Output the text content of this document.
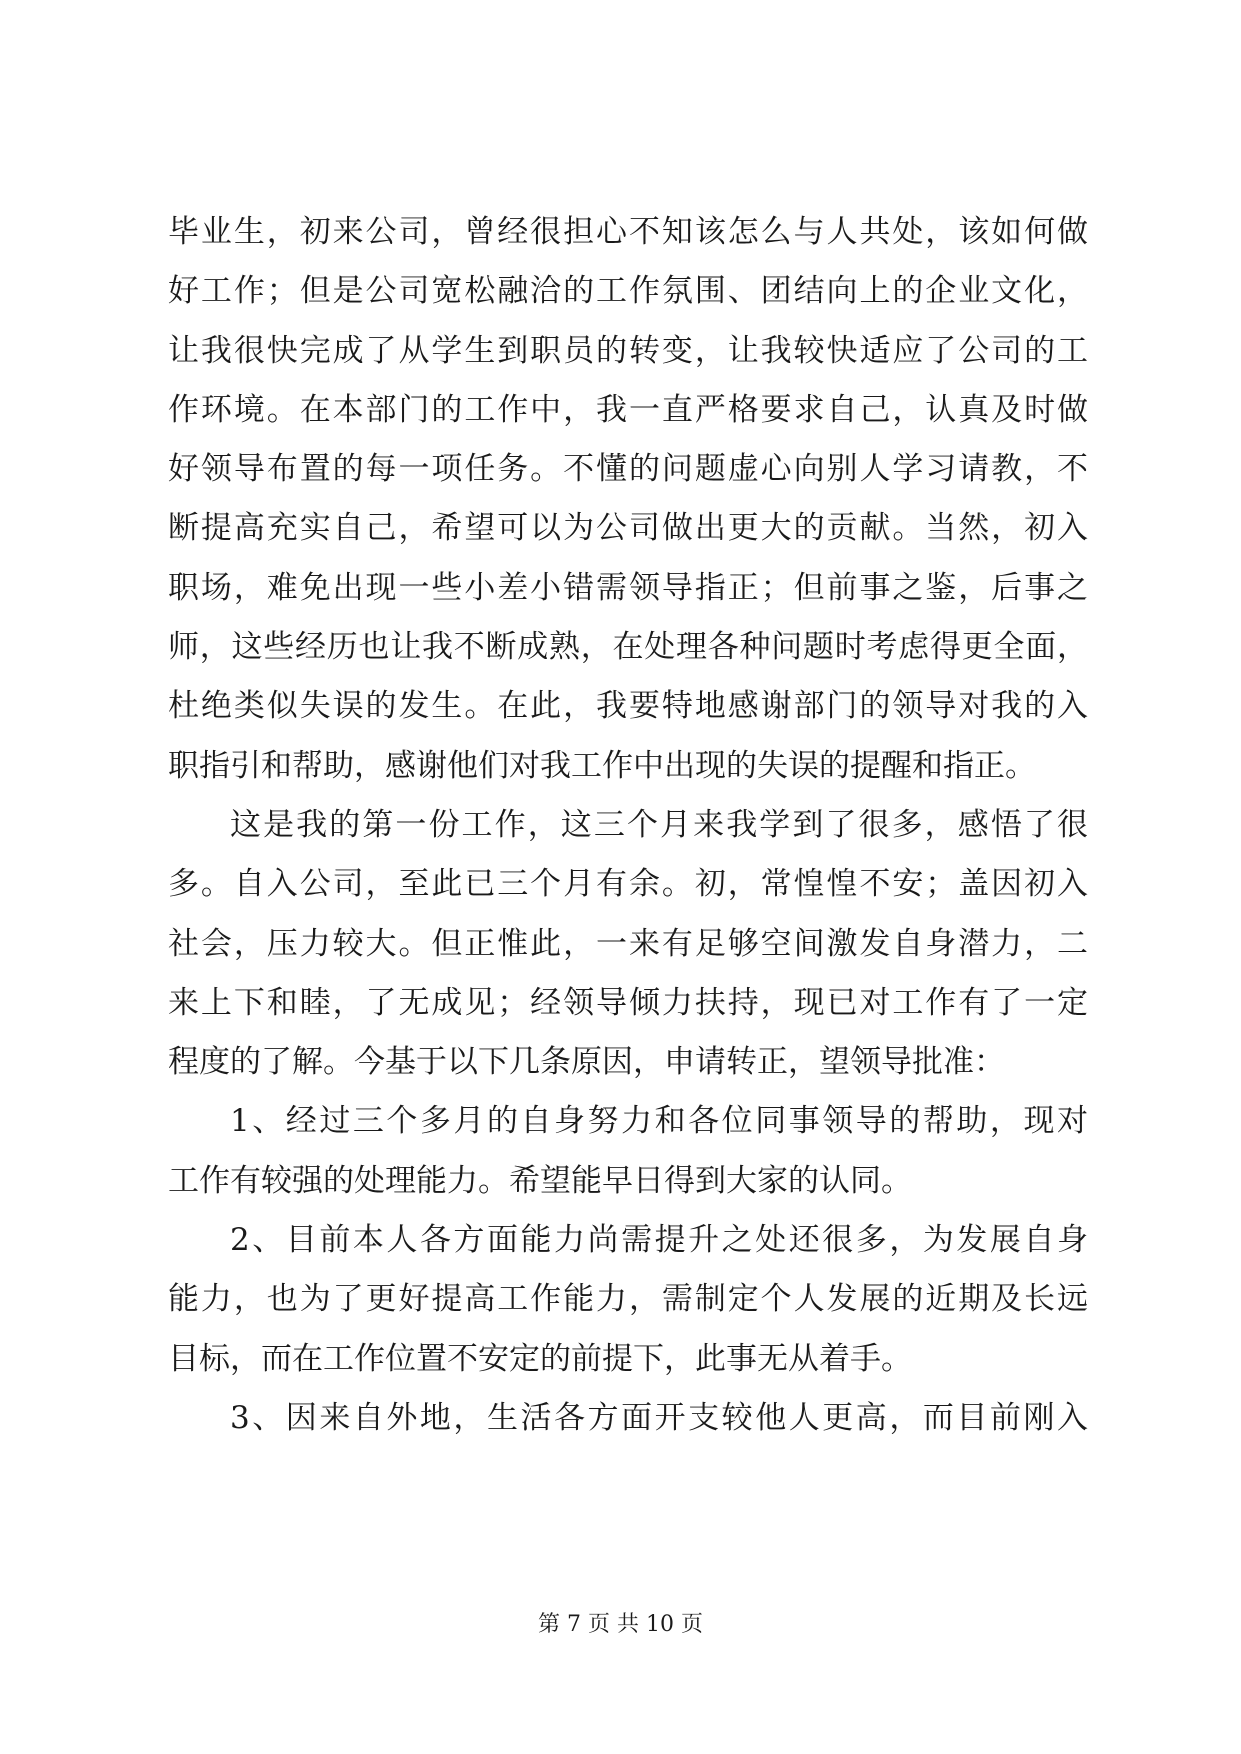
毕业生，初来公司，曾经很担心不知该怎么与人共处，该如何做
好工作；但是公司宽松融洽的工作氛围、团结向上的企业文化，
让我很快完成了从学生到职员的转变，让我较快适应了公司的工
作环境。在本部门的工作中，我一直严格要求自己，认真及时做
好领导布置的每一项任务。不懂的问题虚心向别人学习请教，不
断提高充实自己，希望可以为公司做出更大的贡献。当然，初入
职场，难免出现一些小差小错需领导指正；但前事之鉴，后事之
师，这些经历也让我不断成熟，在处理各种问题时考虑得更全面，
杜绝类似失误的发生。在此，我要特地感谢部门的领导对我的入
职指引和帮助，感谢他们对我工作中出现的失误的提醒和指正。
这是我的第一份工作，这三个月来我学到了很多，感悟了很
多。自入公司，至此已三个月有余。初，常惶惶不安；盖因初入
社会，压力较大。但正惟此，一来有足够空间激发自身潜力，二
来上下和睦，了无成见；经领导倾力扶持，现已对工作有了一定
程度的了解。今基于以下几条原因，申请转正，望领导批准：
1、经过三个多月的自身努力和各位同事领导的帮助，现对
工作有较强的处理能力。希望能早日得到大家的认同。
2、目前本人各方面能力尚需提升之处还很多，为发展自身
能力，也为了更好提高工作能力，需制定个人发展的近期及长远
目标，而在工作位置不安定的前提下，此事无从着手。
3、因来自外地，生活各方面开支较他人更高，而目前刚入
第 7 页 共 10 页
